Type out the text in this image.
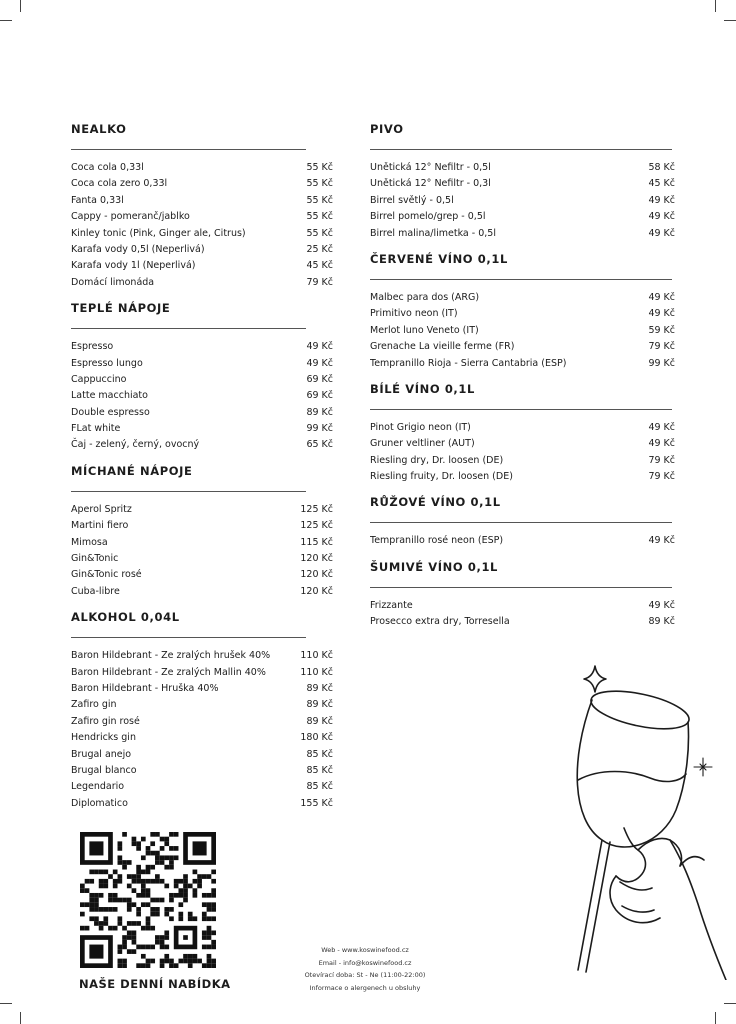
NEALKO
Coca cola 0,33l	55 Kč
Coca cola zero 0,33l	55 Kč
Fanta 0,33l	55 Kč
Cappy - pomeranč/jablko	55 Kč
Kinley tonic (Pink, Ginger ale, Citrus)	55 Kč
Karafa vody 0,5l (Neperlivá)	25 Kč
Karafa vody 1l (Neperlivá)	45 Kč
Domácí limonáda	79 Kč
TEPLÉ NÁPOJE
Espresso	49 Kč
Espresso lungo	49 Kč
Cappuccino	69 Kč
Latte macchiato	69 Kč
Double espresso	89 Kč
FLat white	99 Kč
Čaj - zelený, černý, ovocný	65 Kč
MÍCHANÉ NÁPOJE
Aperol Spritz	125 Kč
Martini fiero	125 Kč
Mimosa	115 Kč
Gin&Tonic	120 Kč
Gin&Tonic rosé	120 Kč
Cuba-libre	120 Kč
ALKOHOL 0,04L
Baron Hildebrant - Ze zralých hrušek 40%	110 Kč
Baron Hildebrant - Ze zralých Mallin 40%	110 Kč
Baron Hildebrant - Hruška 40%	89 Kč
Zafiro gin	89 Kč
Zafiro gin rosé	89 Kč
Hendricks gin	180 Kč
Brugal anejo	85 Kč
Brugal blanco	85 Kč
Legendario	85 Kč
Diplomatico	155 Kč
PIVO
Unětická 12° Nefiltr - 0,5l	58 Kč
Unětická 12° Nefiltr - 0,3l	45 Kč
Birrel světlý - 0,5l	49 Kč
Birrel pomelo/grep - 0,5l	49 Kč
Birrel malina/limetka - 0,5l	49 Kč
ČERVENÉ VÍNO 0,1L
Malbec para dos (ARG)	49 Kč
Primitivo neon (IT)	49 Kč
Merlot luno Veneto (IT)	59 Kč
Grenache La vieille ferme (FR)	79 Kč
Tempranillo Rioja - Sierra Cantabria (ESP)	99 Kč
BÍLÉ VÍNO 0,1L
Pinot Grigio neon (IT)	49 Kč
Gruner veltliner (AUT)	49 Kč
Riesling dry, Dr. loosen (DE)	79 Kč
Riesling fruity, Dr. loosen (DE)	79 Kč
RŮŽOVÉ VÍNO 0,1L
Tempranillo rosé neon (ESP)	49 Kč
ŠUMIVÉ VÍNO 0,1L
Frizzante	49 Kč
Prosecco extra dry, Torresella	89 Kč
NAŠE DENNÍ NABÍDKA
Web - www.koswinefood.cz
Email - info@koswinefood.cz
Otevírací doba: St - Ne (11:00-22:00)
Informace o alergenech u obsluhy
